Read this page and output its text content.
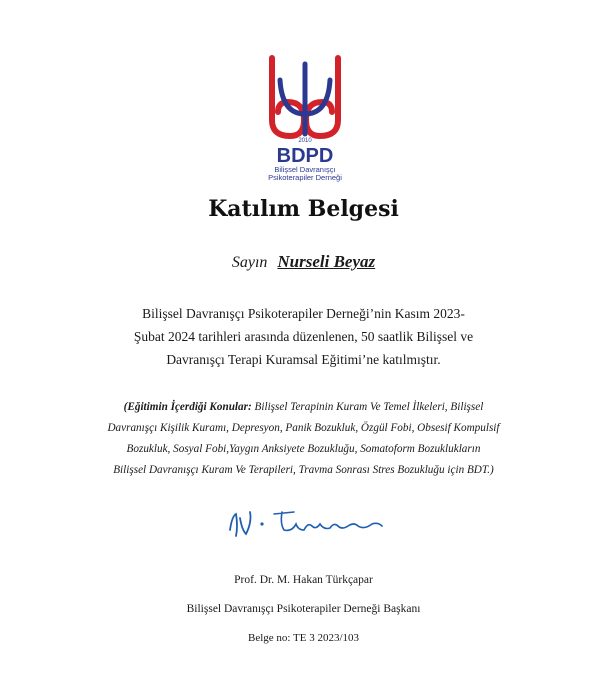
2010
BDPD
Bilişsel Davranışçı
Psikoterapiler Derneği
Katılım Belgesi
Sayın Nurseli Beyaz
Bilişsel Davranışçı Psikoterapiler Derneği’nin Kasım 2023-
Şubat 2024 tarihleri arasında düzenlenen, 50 saatlik Bilişsel ve
Davranışçı Terapi Kuramsal Eğitimi’ne katılmıştır.
(Eğitimin İçerdiği Konular: Bilişsel Terapinin Kuram Ve Temel İlkeleri, Bilişsel
Davranışçı Kişilik Kuramı, Depresyon, Panik Bozukluk, Özgül Fobi, Obsesif Kompulsif
Bozukluk, Sosyal Fobi,Yaygın Anksiyete Bozukluğu, Somatoform Bozuklukların
Bilişsel Davranışçı Kuram Ve Terapileri, Travma Sonrası Stres Bozukluğu için BDT.)
Prof. Dr. M. Hakan Türkçapar
Bilişsel Davranışçı Psikoterapiler Derneği Başkanı
Belge no: TE 3 2023/103
